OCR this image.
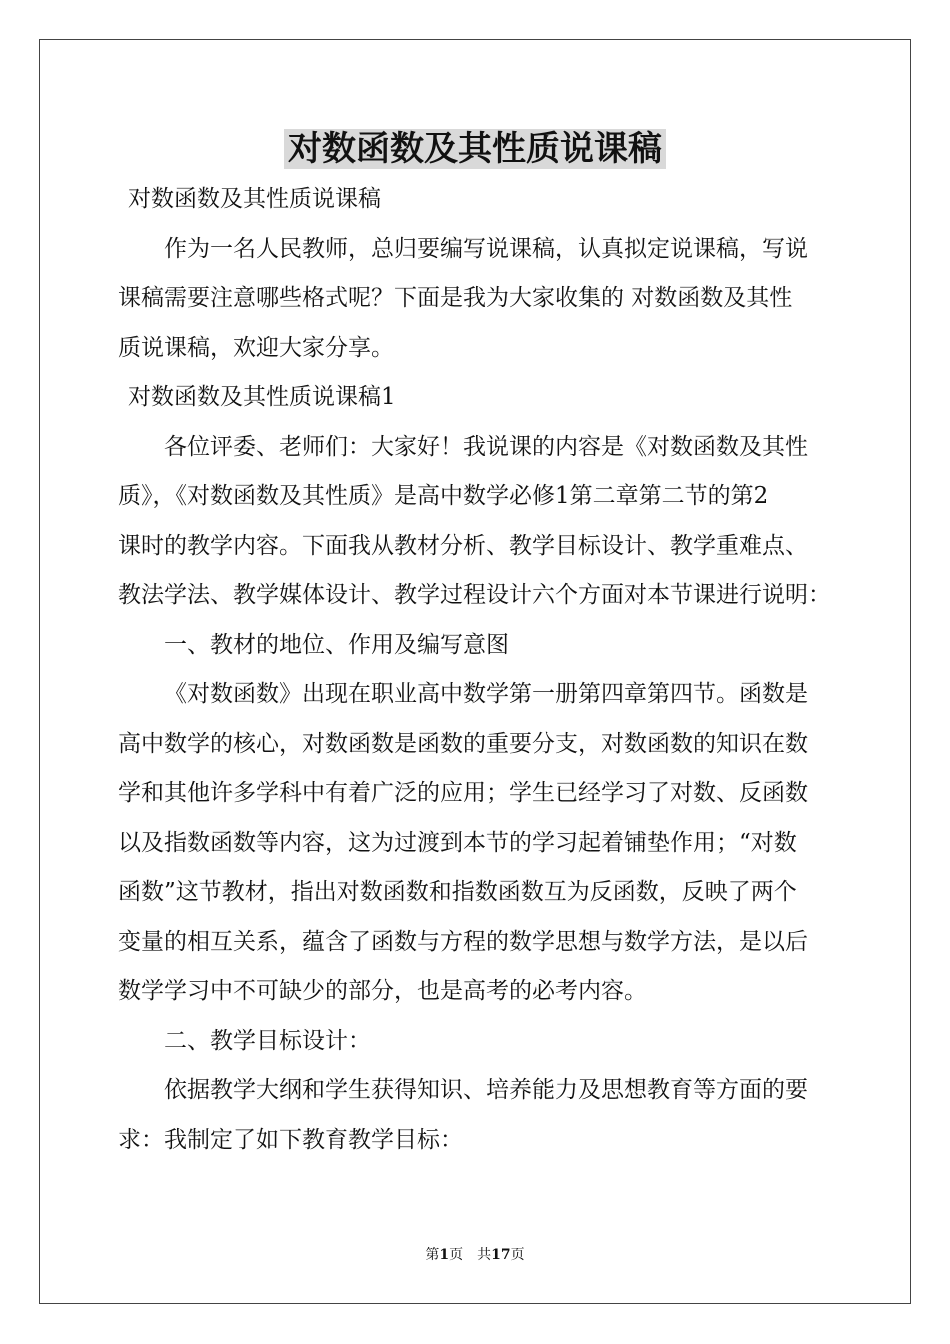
对数函数及其性质说课稿
对数函数及其性质说课稿
作为一名人民教师，总归要编写说课稿，认真拟定说课稿，写说
课稿需要注意哪些格式呢？下面是我为大家收集的 对数函数及其性
质说课稿，欢迎大家分享。
对数函数及其性质说课稿1
各位评委、老师们：大家好！我说课的内容是《对数函数及其性
质》，《对数函数及其性质》是高中数学必修1第二章第二节的第2
课时的教学内容。下面我从教材分析、教学目标设计、教学重难点、
教法学法、教学媒体设计、教学过程设计六个方面对本节课进行说明：
一、教材的地位、作用及编写意图
《对数函数》出现在职业高中数学第一册第四章第四节。函数是
高中数学的核心，对数函数是函数的重要分支，对数函数的知识在数
学和其他许多学科中有着广泛的应用；学生已经学习了对数、反函数
以及指数函数等内容，这为过渡到本节的学习起着铺垫作用；“对数
函数”这节教材，指出对数函数和指数函数互为反函数，反映了两个
变量的相互关系，蕴含了函数与方程的数学思想与数学方法，是以后
数学学习中不可缺少的部分，也是高考的必考内容。
二、教学目标设计：
依据教学大纲和学生获得知识、培养能力及思想教育等方面的要
求：我制定了如下教育教学目标：
第1页　共17页
